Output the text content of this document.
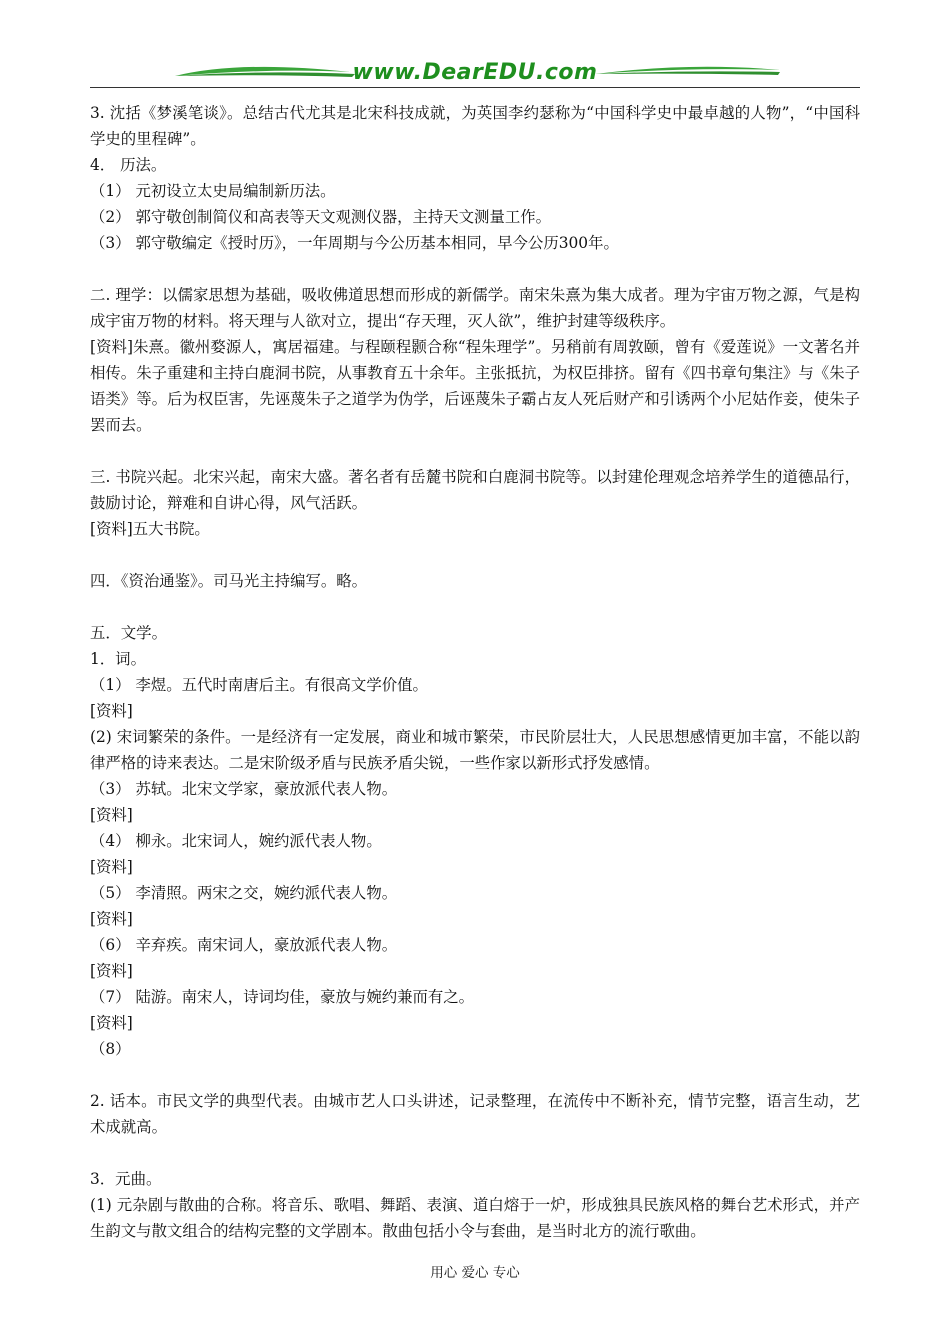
www.DearEDU.com

3. 沈括《梦溪笔谈》。总结古代尤其是北宋科技成就，为英国李约瑟称为“中国科学史中最卓越的人物”，“中国科学史的里程碑”。

4． 历法。

（1） 元初设立太史局编制新历法。

（2） 郭守敬创制简仪和高表等天文观测仪器，主持天文测量工作。

（3） 郭守敬编定《授时历》，一年周期与今公历基本相同，早今公历300年。

二. 理学：以儒家思想为基础，吸收佛道思想而形成的新儒学。南宋朱熹为集大成者。理为宇宙万物之源，气是构成宇宙万物的材料。将天理与人欲对立，提出“存天理，灭人欲”，维护封建等级秩序。

[资料]朱熹。徽州婺源人，寓居福建。与程颐程颢合称“程朱理学”。另稍前有周敦颐，曾有《爱莲说》一文著名并相传。朱子重建和主持白鹿洞书院，从事教育五十余年。主张抵抗，为权臣排挤。留有《四书章句集注》与《朱子语类》等。后为权臣害，先诬蔑朱子之道学为伪学，后诬蔑朱子霸占友人死后财产和引诱两个小尼姑作妾，使朱子罢而去。

三. 书院兴起。北宋兴起，南宋大盛。著名者有岳麓书院和白鹿洞书院等。以封建伦理观念培养学生的道德品行，鼓励讨论，辩难和自讲心得，风气活跃。

[资料]五大书院。

四．《资治通鉴》。司马光主持编写。略。

五．文学。

1．词。

（1） 李煜。五代时南唐后主。有很高文学价值。

[资料]

(2) 宋词繁荣的条件。一是经济有一定发展，商业和城市繁荣，市民阶层壮大，人民思想感情更加丰富，不能以韵律严格的诗来表达。二是宋阶级矛盾与民族矛盾尖锐，一些作家以新形式抒发感情。

（3） 苏轼。北宋文学家，豪放派代表人物。

[资料]

（4） 柳永。北宋词人，婉约派代表人物。

[资料]

（5） 李清照。两宋之交，婉约派代表人物。

[资料]

（6） 辛弃疾。南宋词人，豪放派代表人物。

[资料]

（7） 陆游。南宋人，诗词均佳，豪放与婉约兼而有之。

[资料]

（8）

2. 话本。市民文学的典型代表。由城市艺人口头讲述，记录整理，在流传中不断补充，情节完整，语言生动，艺术成就高。

3．元曲。

(1) 元杂剧与散曲的合称。将音乐、歌唱、舞蹈、表演、道白熔于一炉，形成独具民族风格的舞台艺术形式，并产生韵文与散文组合的结构完整的文学剧本。散曲包括小令与套曲，是当时北方的流行歌曲。

用心 爱心 专心
